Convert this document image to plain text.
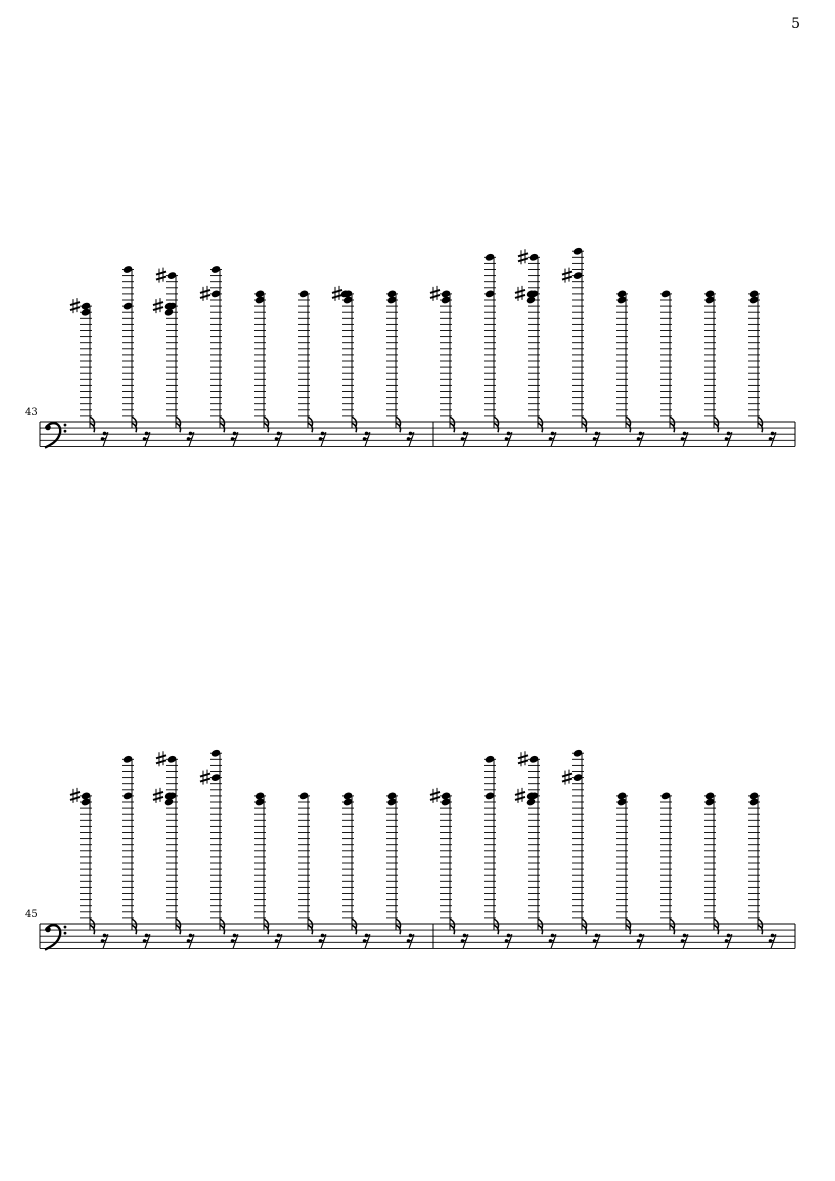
5
43
45
